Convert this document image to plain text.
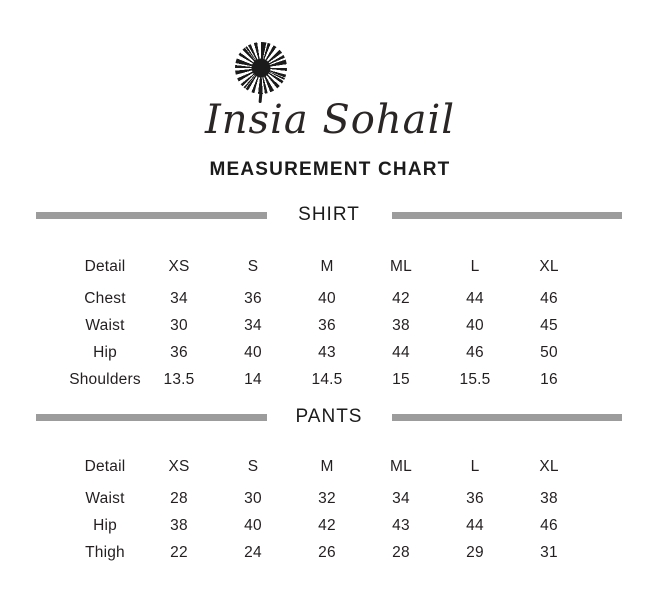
Insia Sohail
MEASUREMENT CHART
SHIRT
Detail	XS	S	M	ML	L	XL
Chest	34	36	40	42	44	46
Waist	30	34	36	38	40	45
Hip	36	40	43	44	46	50
Shoulders	13.5	14	14.5	15	15.5	16
PANTS
Detail	XS	S	M	ML	L	XL
Waist	28	30	32	34	36	38
Hip	38	40	42	43	44	46
Thigh	22	24	26	28	29	31
